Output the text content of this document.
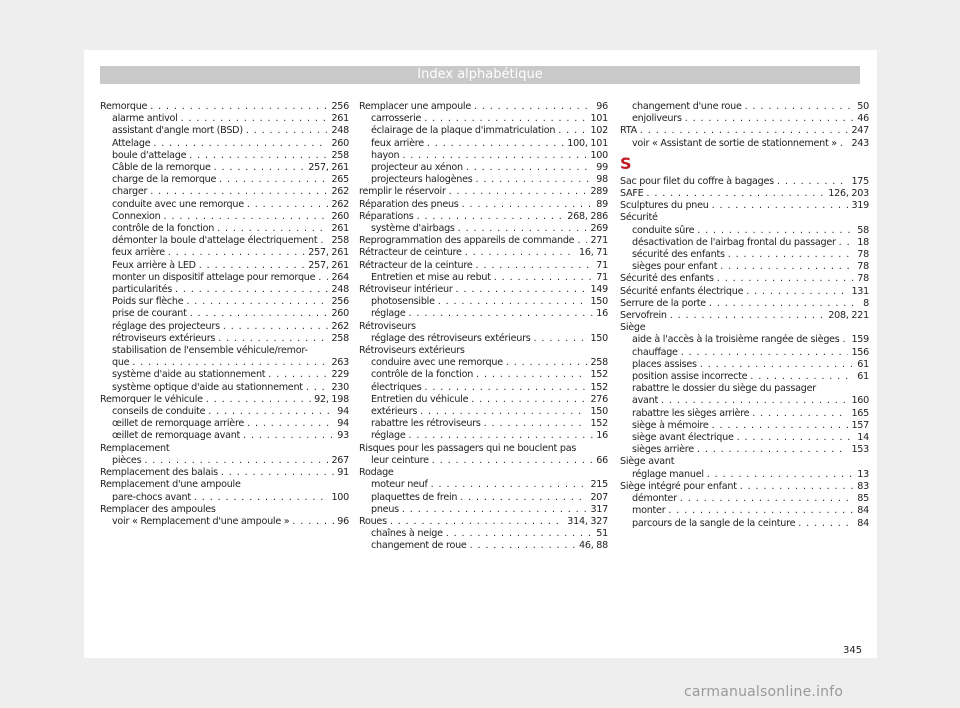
Index alphabétique
Remorque . . .	256
alarme antivol . . .	261
assistant d'angle mort (BSD) . . .	248
Attelage . . .	260
boule d'attelage . . .	258
Câble de la remorque . . .	257, 261
charge de la remorque . . .	265
charger . . .	262
conduite avec une remorque . . .	262
Connexion . . .	260
contrôle de la fonction . . .	261
démonter la boule d'attelage électriquement . . . 258
feux arrière . . .	257, 261
Feux arrière à LED . . .	257, 261
monter un dispositif attelage pour remorque . . . 264
particularités . . .	248
Poids sur flèche . . .	256
prise de courant . . .	260
réglage des projecteurs . . .	262
rétroviseurs extérieurs . . .	258
stabilisation de l'ensemble véhicule/remor-
que . . .	263
système d'aide au stationnement . . .	229
système optique d'aide au stationnement . . .	230
Remorquer le véhicule . . .	92, 198
conseils de conduite . . .	94
œillet de remorquage arrière . . .	94
œillet de remorquage avant . . .	93
Remplacement
pièces . . .	267
Remplacement des balais . . .	91
Remplacement d'une ampoule
pare-chocs avant . . .	100
Remplacer des ampoules
voir « Remplacement d'une ampoule » . . .	96
Remplacer une ampoule . . .	96
carrosserie . . .	101
éclairage de la plaque d'immatriculation . . .	102
feux arrière . . .	100, 101
hayon . . .	100
projecteur au xénon . . .	99
projecteurs halogènes . . .	98
remplir le réservoir . . .	289
Réparation des pneus . . .	89
Réparations . . .	268, 286
système d'airbags . . .	269
Reprogrammation des appareils de commande . . . 271
Rétracteur de ceinture . . .	16, 71
Rétracteur de la ceinture . . .	71
Entretien et mise au rebut . . .	71
Rétroviseur intérieur . . .	149
photosensible . . .	150
réglage . . .	16
Rétroviseurs
réglage des rétroviseurs extérieurs . . .	150
Rétroviseurs extérieurs
conduire avec une remorque . . .	258
contrôle de la fonction . . .	152
électriques . . .	152
Entretien du véhicule . . .	276
extérieurs . . .	150
rabattre les rétroviseurs . . .	152
réglage . . .	16
Risques pour les passagers qui ne bouclent pas
leur ceinture . . .	66
Rodage
moteur neuf . . .	215
plaquettes de frein . . .	207
pneus . . .	317
Roues . . .	314, 327
chaînes à neige . . .	51
changement de roue . . .	46, 88
changement d'une roue . . .	50
enjoliveurs . . .	46
RTA . . .	247
voir « Assistant de sortie de stationnement » . . . 243
S
Sac pour filet du coffre à bagages . . .	175
SAFE . . .	126, 203
Sculptures du pneu . . .	319
Sécurité
conduite sûre . . .	58
désactivation de l'airbag frontal du passager . . . 18
sécurité des enfants . . .	78
sièges pour enfant . . .	78
Sécurité des enfants . . .	78
Sécurité enfants électrique . . .	131
Serrure de la porte . . .	8
Servofrein . . .	208, 221
Siège
aide à l'accès à la troisième rangée de sièges . . . 159
chauffage . . .	156
places assises . . .	61
position assise incorrecte . . .	61
rabattre le dossier du siège du passager
avant . . .	160
rabattre les sièges arrière . . .	165
siège à mémoire . . .	157
siège avant électrique . . .	14
sièges arrière . . .	153
Siège avant
réglage manuel . . .	13
Siège intégré pour enfant . . .	83
démonter . . .	85
monter . . .	84
parcours de la sangle de la ceinture . . .	84
345
carmanualsonline.info
